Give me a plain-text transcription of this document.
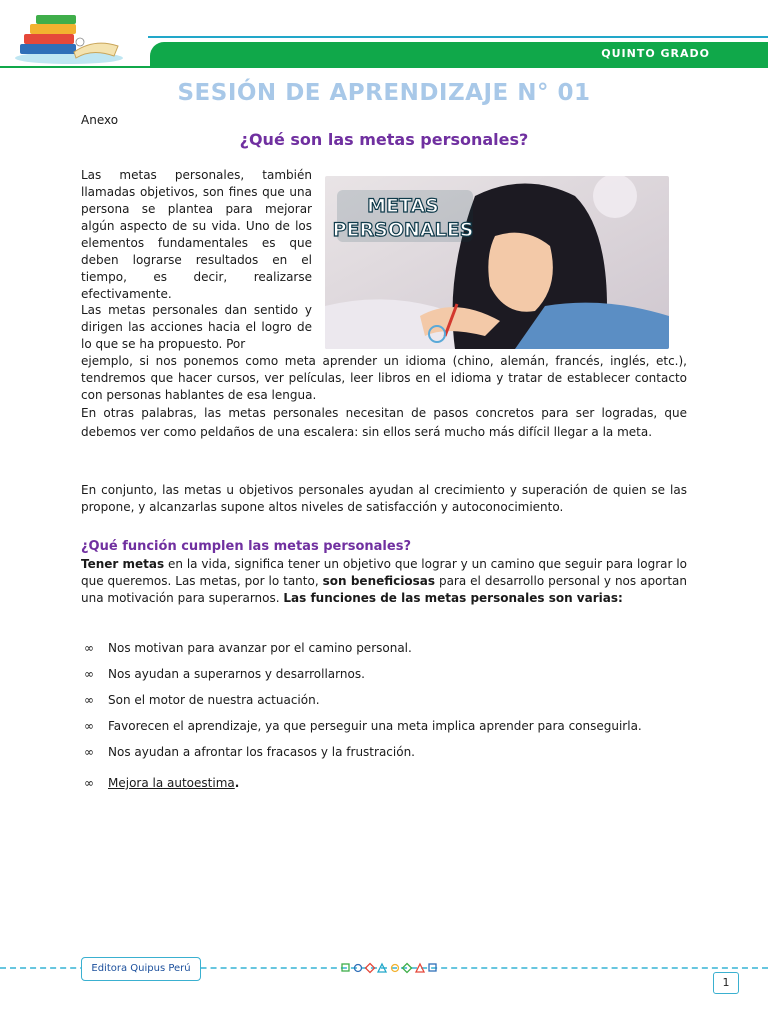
QUINTO GRADO
SESIÓN DE APRENDIZAJE N° 01
Anexo
¿Qué son las metas personales?

Las metas personales, también llamadas objetivos, son fines que una persona se plantea para mejorar algún aspecto de su vida. Uno de los elementos fundamentales es que deben lograrse resultados en el tiempo, es decir, realizarse efectivamente.

Las metas personales dan sentido y dirigen las acciones hacia el logro de lo que se ha propuesto. Por

METAS
PERSONALES

ejemplo, si nos ponemos como meta aprender un idioma (chino, alemán, francés, inglés, etc.), tendremos que hacer cursos, ver películas, leer libros en el idioma y tratar de establecer contacto con personas hablantes de esa lengua.

En otras palabras, las metas personales necesitan de pasos concretos para ser logradas, que debemos ver como peldaños de una escalera: sin ellos será mucho más difícil llegar a la meta.

En conjunto, las metas u objetivos personales ayudan al crecimiento y superación de quien se las propone, y alcanzarlas supone altos niveles de satisfacción y autoconocimiento.

¿Qué función cumplen las metas personales?

Tener metas en la vida, significa tener un objetivo que lograr y un camino que seguir para lograr lo que queremos. Las metas, por lo tanto, son beneficiosas para el desarrollo personal y nos aportan una motivación para superarnos. Las funciones de las metas personales son varias:

∞ Nos motivan para avanzar por el camino personal.
∞ Nos ayudan a superarnos y desarrollarnos.
∞ Son el motor de nuestra actuación.
∞ Favorecen el aprendizaje, ya que perseguir una meta implica aprender para conseguirla.
∞ Nos ayudan a afrontar los fracasos y la frustración.
∞ Mejora la autoestima.
Editora Quipus Perú
1
